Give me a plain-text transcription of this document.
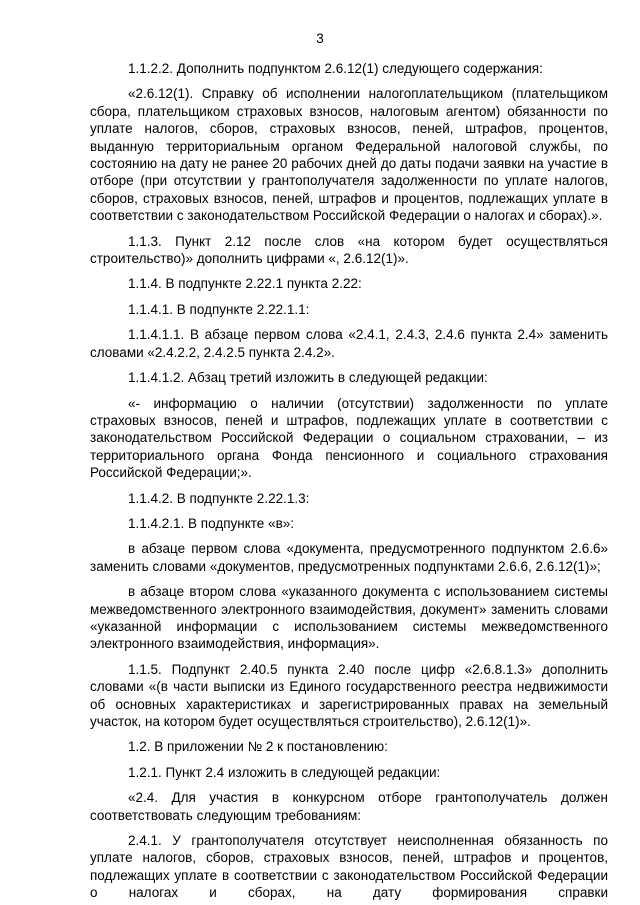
3

1.1.2.2. Дополнить подпунктом 2.6.12(1) следующего содержания:

«2.6.12(1). Справку об исполнении налогоплательщиком (плательщиком сбора, плательщиком страховых взносов, налоговым агентом) обязанности по уплате налогов, сборов, страховых взносов, пеней, штрафов, процентов, выданную территориальным органом Федеральной налоговой службы, по состоянию на дату не ранее 20 рабочих дней до даты подачи заявки на участие в отборе (при отсутствии у грантополучателя задолженности по уплате налогов, сборов, страховых взносов, пеней, штрафов и процентов, подлежащих уплате в соответствии с законодательством Российской Федерации о налогах и сборах).».

1.1.3. Пункт 2.12 после слов «на котором будет осуществляться строительство)» дополнить цифрами «, 2.6.12(1)».

1.1.4. В подпункте 2.22.1 пункта 2.22:

1.1.4.1. В подпункте 2.22.1.1:

1.1.4.1.1. В абзаце первом слова «2.4.1, 2.4.3, 2.4.6 пункта 2.4» заменить словами «2.4.2.2, 2.4.2.5 пункта 2.4.2».

1.1.4.1.2. Абзац третий изложить в следующей редакции:

«- информацию о наличии (отсутствии) задолженности по уплате страховых взносов, пеней и штрафов, подлежащих уплате в соответствии с законодательством Российской Федерации о социальном страховании, – из территориального органа Фонда пенсионного и социального страхования Российской Федерации;».

1.1.4.2. В подпункте 2.22.1.3:

1.1.4.2.1. В подпункте «в»:

в абзаце первом слова «документа, предусмотренного подпунктом 2.6.6» заменить словами «документов, предусмотренных подпунктами 2.6.6, 2.6.12(1)»;

в абзаце втором слова «указанного документа с использованием системы межведомственного электронного взаимодействия, документ» заменить словами «указанной информации с использованием системы межведомственного электронного взаимодействия, информация».

1.1.5. Подпункт 2.40.5 пункта 2.40 после цифр «2.6.8.1.3» дополнить словами «(в части выписки из Единого государственного реестра недвижимости об основных характеристиках и зарегистрированных правах на земельный участок, на котором будет осуществляться строительство), 2.6.12(1)».

1.2. В приложении № 2 к постановлению:

1.2.1. Пункт 2.4 изложить в следующей редакции:

«2.4. Для участия в конкурсном отборе грантополучатель должен соответствовать следующим требованиям:

2.4.1. У грантополучателя отсутствует неисполненная обязанность по уплате налогов, сборов, страховых взносов, пеней, штрафов и процентов, подлежащих уплате в соответствии с законодательством Российской Федерации о налогах и сборах, на дату формирования справки
